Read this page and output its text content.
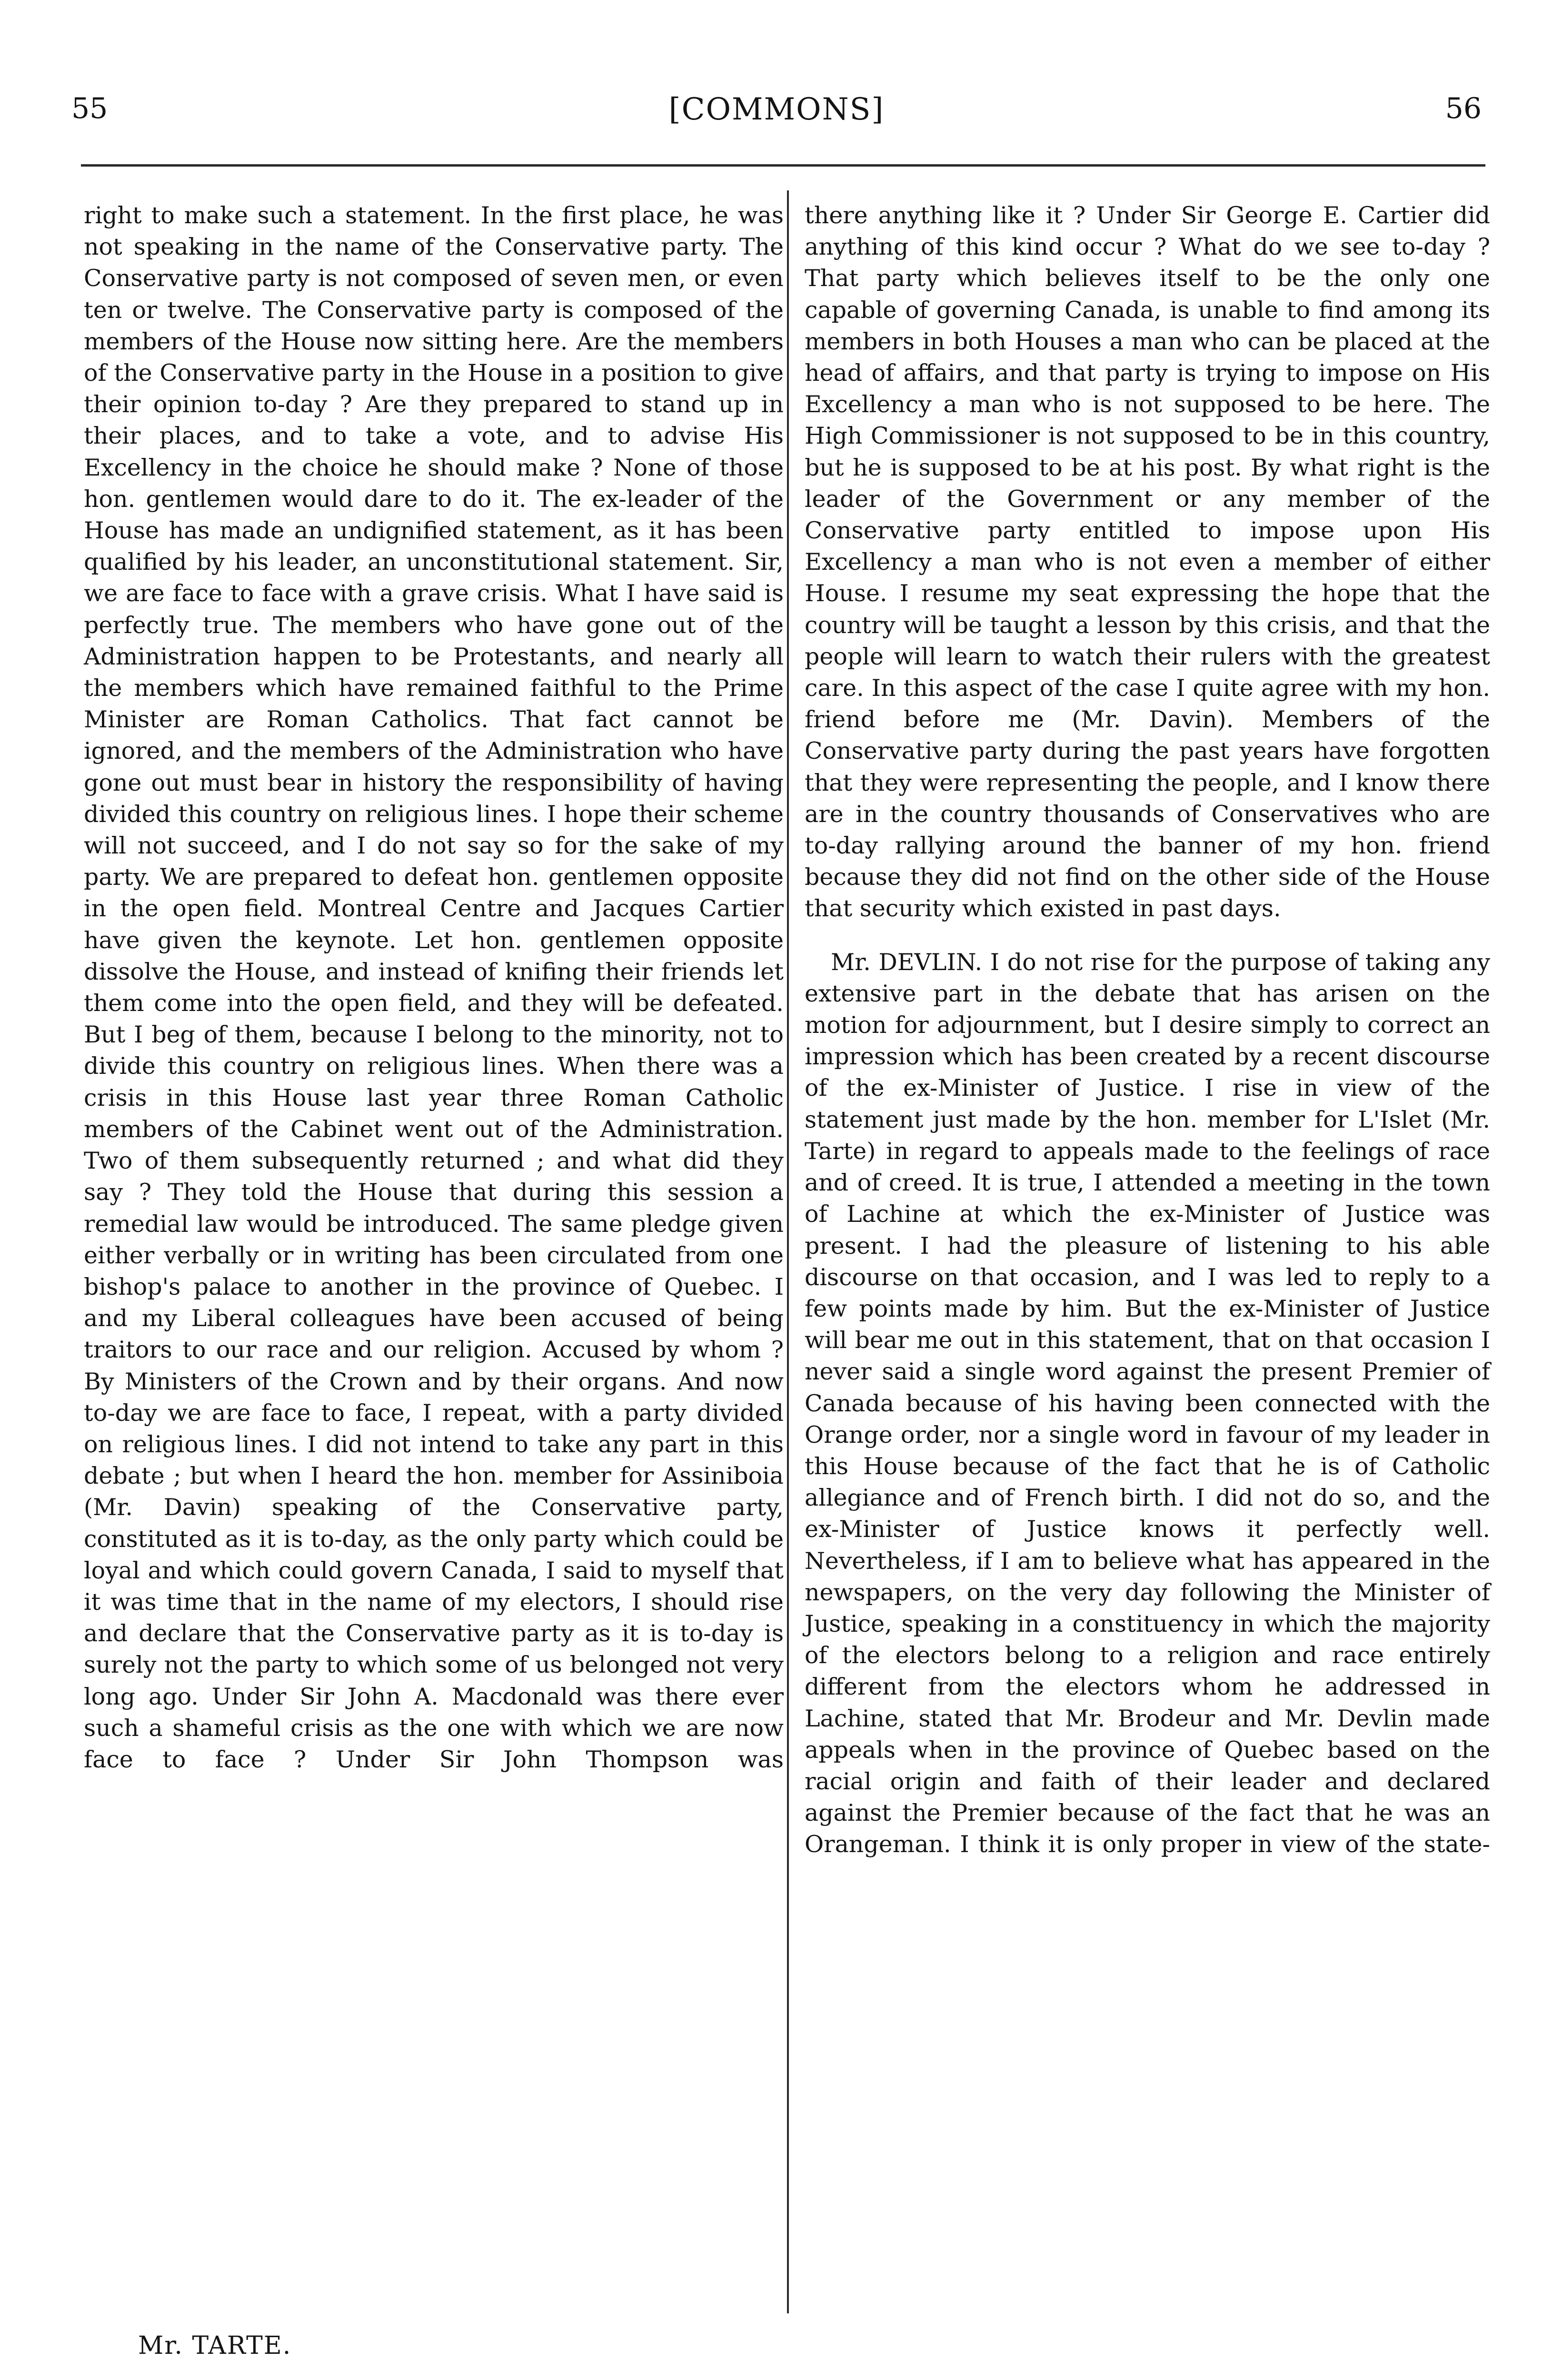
55	[COMMONS]	56

right to make such a statement. In the first place, he was not speaking in the name of the Conservative party. The Conservative party is not composed of seven men, or even ten or twelve. The Conservative party is composed of the members of the House now sitting here. Are the members of the Conservative party in the House in a position to give their opinion to-day ? Are they prepared to stand up in their places, and to take a vote, and to advise His Excellency in the choice he should make ? None of those hon. gentlemen would dare to do it. The ex-leader of the House has made an undignified statement, as it has been qualified by his leader, an unconstitutional statement. Sir, we are face to face with a grave crisis. What I have said is perfectly true. The members who have gone out of the Administration happen to be Protestants, and nearly all the members which have remained faithful to the Prime Minister are Roman Catholics. That fact cannot be ignored, and the members of the Administration who have gone out must bear in history the responsibility of having divided this country on religious lines. I hope their scheme will not succeed, and I do not say so for the sake of my party. We are prepared to defeat hon. gentlemen opposite in the open field. Montreal Centre and Jacques Cartier have given the keynote. Let hon. gentlemen opposite dissolve the House, and instead of knifing their friends let them come into the open field, and they will be defeated. But I beg of them, because I belong to the minority, not to divide this country on religious lines. When there was a crisis in this House last year three Roman Catholic members of the Cabinet went out of the Administration. Two of them subsequently returned ; and what did they say ? They told the House that during this session a remedial law would be introduced. The same pledge given either verbally or in writing has been circulated from one bishop's palace to another in the province of Quebec. I and my Liberal colleagues have been accused of being traitors to our race and our religion. Accused by whom ? By Ministers of the Crown and by their organs. And now to-day we are face to face, I repeat, with a party divided on religious lines. I did not intend to take any part in this debate ; but when I heard the hon. member for Assiniboia (Mr. Davin) speaking of the Conservative party, constituted as it is to-day, as the only party which could be loyal and which could govern Canada, I said to myself that it was time that in the name of my electors, I should rise and declare that the Conservative party as it is to-day is surely not the party to which some of us belonged not very long ago. Under Sir John A. Macdonald was there ever such a shameful crisis as the one with which we are now face to face ? Under Sir John Thompson was

there anything like it ? Under Sir George E. Cartier did anything of this kind occur ? What do we see to-day ? That party which believes itself to be the only one capable of governing Canada, is unable to find among its members in both Houses a man who can be placed at the head of affairs, and that party is trying to impose on His Excellency a man who is not supposed to be here. The High Commissioner is not supposed to be in this country, but he is supposed to be at his post. By what right is the leader of the Government or any member of the Conservative party entitled to impose upon His Excellency a man who is not even a member of either House. I resume my seat expressing the hope that the country will be taught a lesson by this crisis, and that the people will learn to watch their rulers with the greatest care. In this aspect of the case I quite agree with my hon. friend before me (Mr. Davin). Members of the Conservative party during the past years have forgotten that they were representing the people, and I know there are in the country thousands of Conservatives who are to-day rallying around the banner of my hon. friend because they did not find on the other side of the House that security which existed in past days.

Mr. DEVLIN. I do not rise for the purpose of taking any extensive part in the debate that has arisen on the motion for adjournment, but I desire simply to correct an impression which has been created by a recent discourse of the ex-Minister of Justice. I rise in view of the statement just made by the hon. member for L'Islet (Mr. Tarte) in regard to appeals made to the feelings of race and of creed. It is true, I attended a meeting in the town of Lachine at which the ex-Minister of Justice was present. I had the pleasure of listening to his able discourse on that occasion, and I was led to reply to a few points made by him. But the ex-Minister of Justice will bear me out in this statement, that on that occasion I never said a single word against the present Premier of Canada because of his having been connected with the Orange order, nor a single word in favour of my leader in this House because of the fact that he is of Catholic allegiance and of French birth. I did not do so, and the ex-Minister of Justice knows it perfectly well. Nevertheless, if I am to believe what has appeared in the newspapers, on the very day following the Minister of Justice, speaking in a constituency in which the majority of the electors belong to a religion and race entirely different from the electors whom he addressed in Lachine, stated that Mr. Brodeur and Mr. Devlin made appeals when in the province of Quebec based on the racial origin and faith of their leader and declared against the Premier because of the fact that he was an Orangeman. I think it is only proper in view of the state-

Mr. TARTE.
